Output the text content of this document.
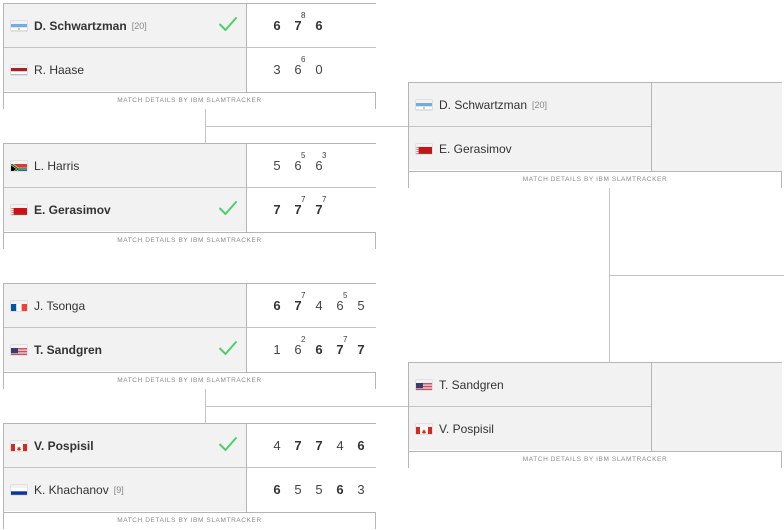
D. Schwartzman [20]
R. Haase
6 7
8
6
3 6
6
0
MATCH DETAILS BY IBM SLAMTRACKER
L. Harris
E. Gerasimov
5 6
5
6
3
7 7
7
7
7
MATCH DETAILS BY IBM SLAMTRACKER
J. Tsonga
T. Sandgren
6 7
7
4 6
5
5
1 6
2
6 7
7
7
MATCH DETAILS BY IBM SLAMTRACKER
V. Pospisil
K. Khachanov [9]
4 7 7 4 6
6 5 5 6 3
MATCH DETAILS BY IBM SLAMTRACKER
D. Schwartzman [20]
E. Gerasimov
MATCH DETAILS BY IBM SLAMTRACKER
T. Sandgren
V. Pospisil
MATCH DETAILS BY IBM SLAMTRACKER
